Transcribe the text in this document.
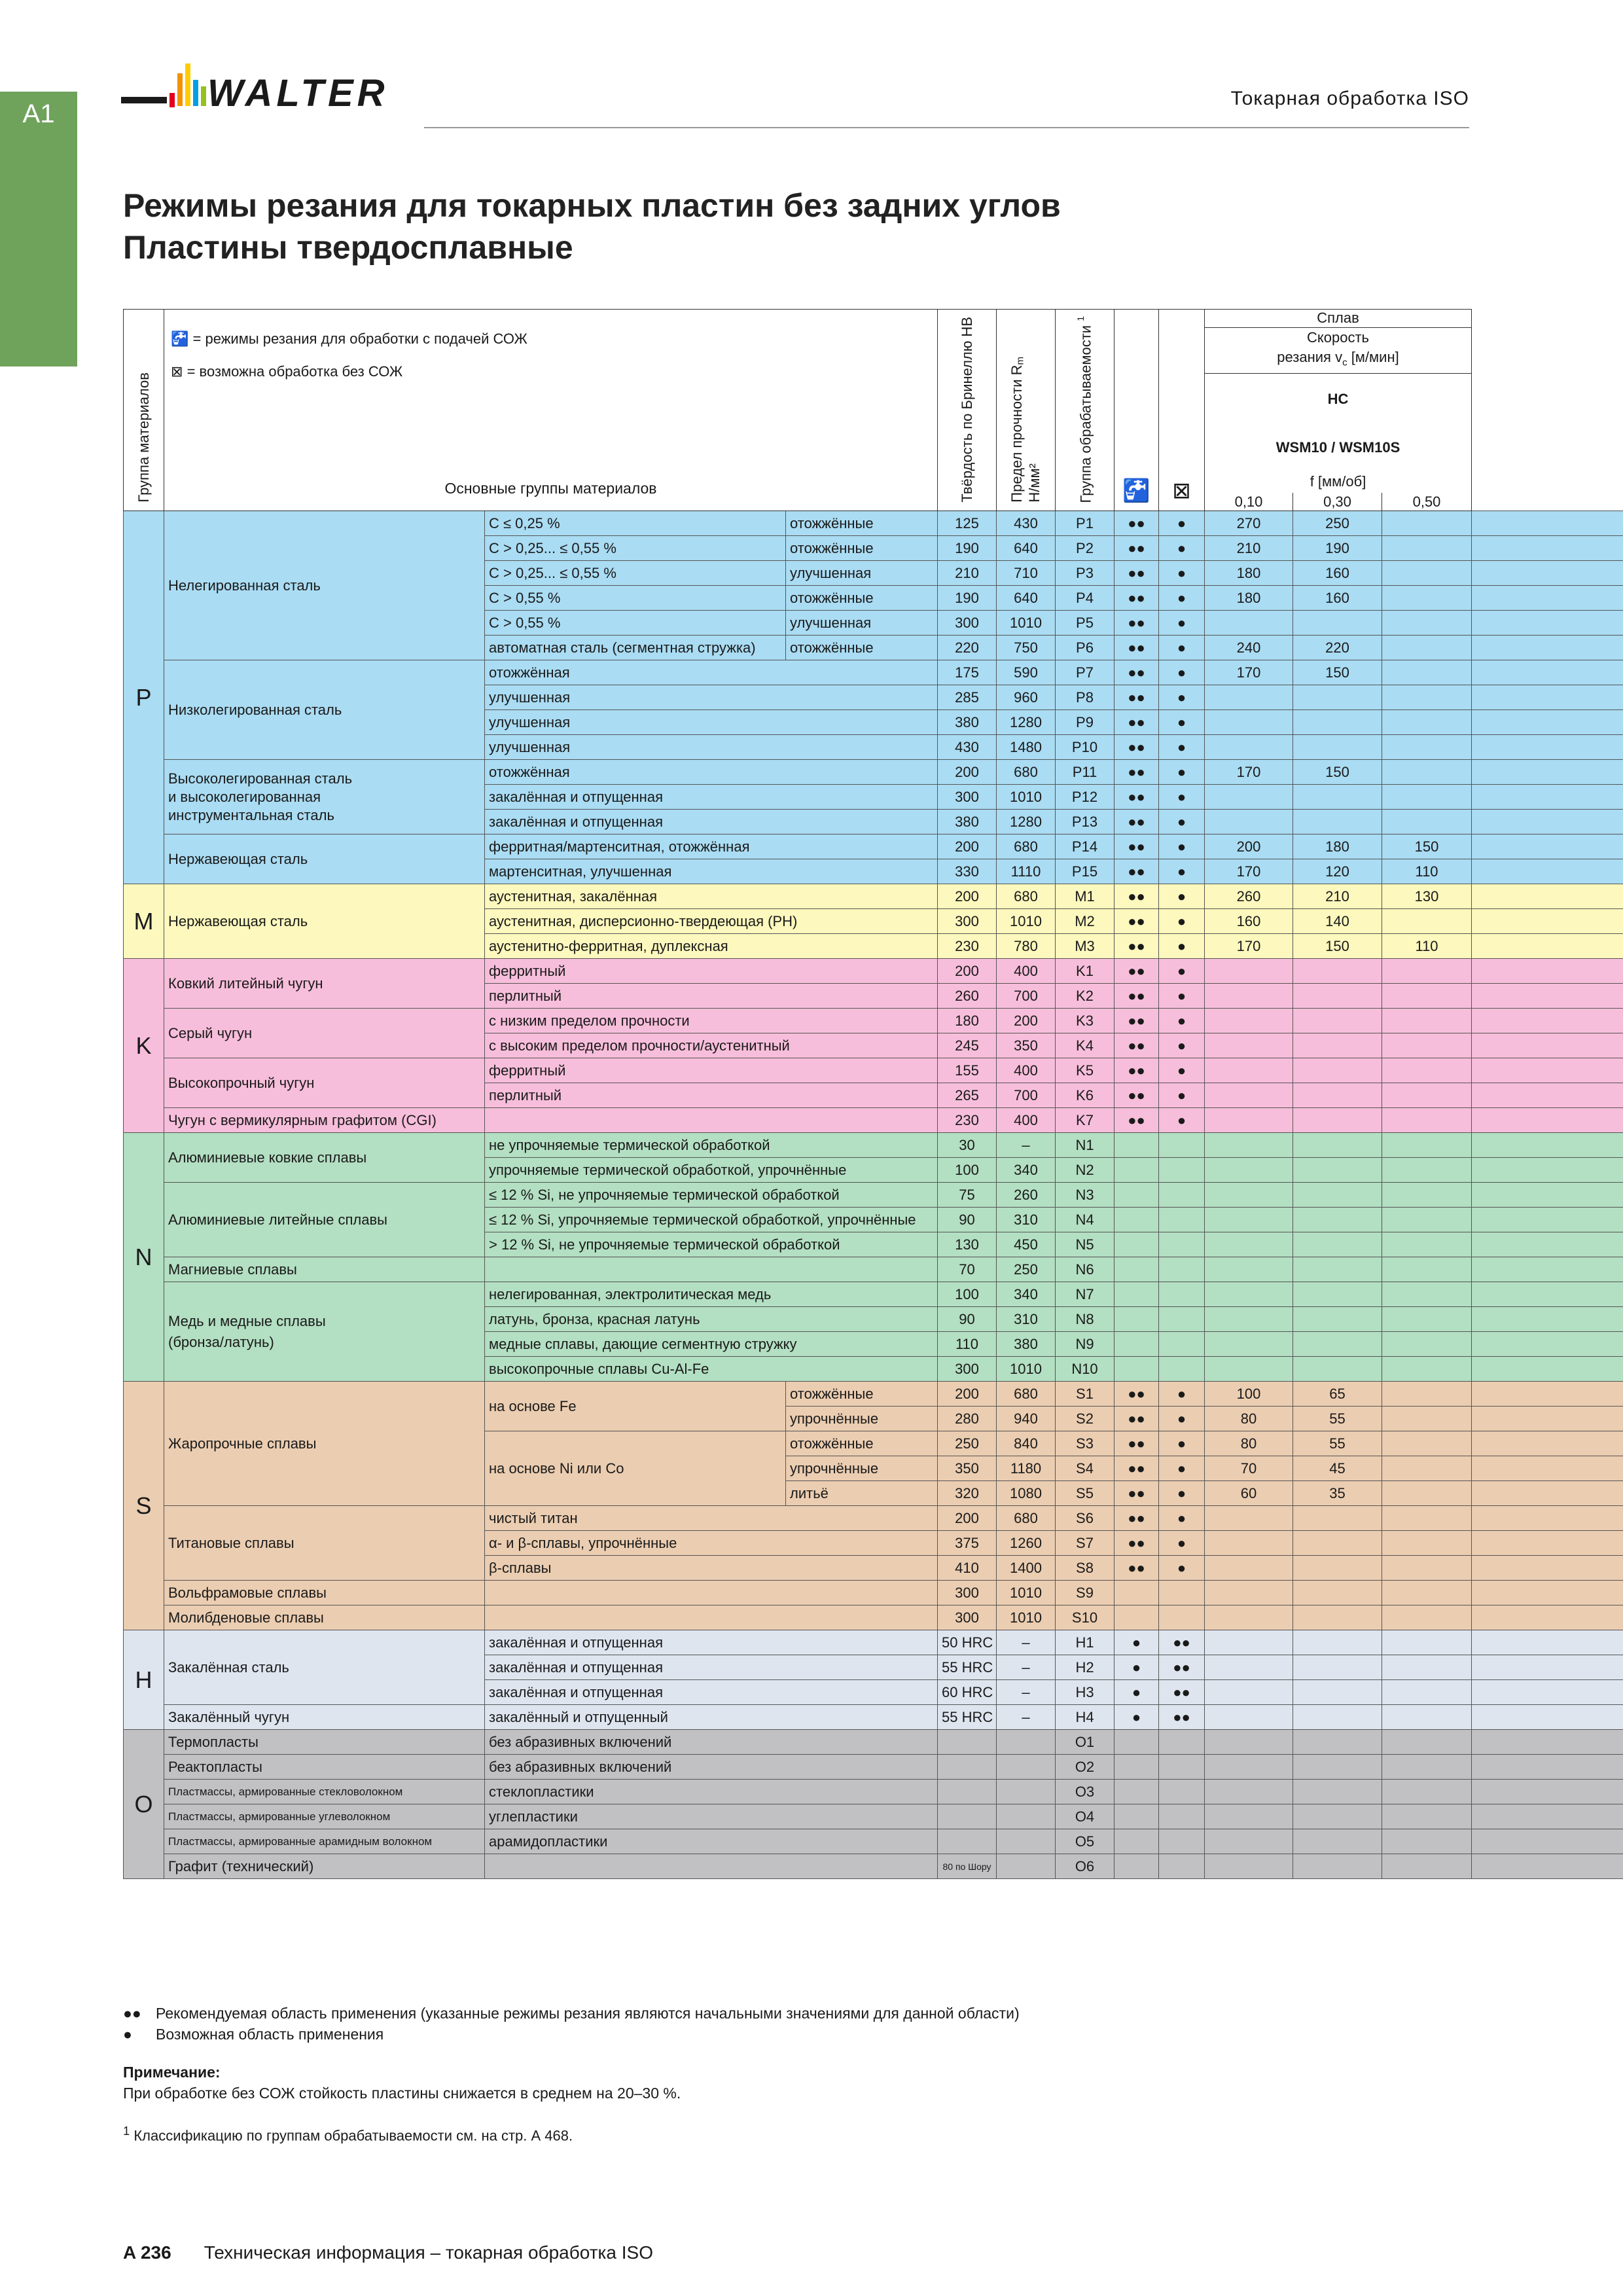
A1	WALTER	Токарная обработка ISO
Режимы резания для токарных пластин без задних углов
Пластины твердосплавные
Группа материалов	🚰 = режимы резания для обработки с подачей СОЖ
⊠ = возможна обработка без СОЖ
Основные группы материалов			Твёрдость по Бринеллю HB	Предел прочности $R_mН$/мм²	Группа обрабатываемости $^1$	🚰	⊠	Сплав			

									Скорость
резания $v_c$ [м/мин]			

									HC
WSM10 / WSM10S
f [мм/об]			

									0,10	0,30	0,50	
P	Нелегированная сталь	C ≤ 0,25 %	отожжённые	125	430	P1	●●	●	270	250		
		C > 0,25... ≤ 0,55 %	отожжённые	190	640	P2	●●	●	210	190		
		C > 0,25... ≤ 0,55 %	улучшенная	210	710	P3	●●	●	180	160		
		C > 0,55 %	отожжённые	190	640	P4	●●	●	180	160		
		C > 0,55 %	улучшенная	300	1010	P5	●●	●				
		автоматная сталь (сегментная стружка)	отожжённые	220	750	P6	●●	●	240	220		
	Низколегированная сталь	отожжённая		175	590	P7	●●	●	170	150		
		улучшенная		285	960	P8	●●	●				
		улучшенная		380	1280	P9	●●	●				
		улучшенная		430	1480	P10	●●	●				

	Высоколегированная сталь
и высоколегированная
инструментальная сталь	отожжённая		200	680	P11	●●	●	170	150		
		закалённая и отпущенная		300	1010	P12	●●	●				
		закалённая и отпущенная		380	1280	P13	●●	●				
	Нержавеющая сталь	ферритная/мартенситная, отожжённая		200	680	P14	●●	●	200	180	150	
		мартенситная, улучшенная		330	1110	P15	●●	●	170	120	110	
M	Нержавеющая сталь	аустенитная, закалённая		200	680	M1	●●	●	260	210	130	
		аустенитная, дисперсионно-твердеющая (PH)		300	1010	M2	●●	●	160	140		
		аустенитно-ферритная, дуплексная		230	780	M3	●●	●	170	150	110	
K	Ковкий литейный чугун	ферритный		200	400	K1	●●	●				
		перлитный		260	700	K2	●●	●				
	Серый чугун	с низким пределом прочности		180	200	K3	●●	●				
		с высоким пределом прочности/аустенитный		245	350	K4	●●	●				
	Высокопрочный чугун	ферритный		155	400	K5	●●	●				
		перлитный		265	700	K6	●●	●				
	Чугун с вермикулярным графитом (CGI)			230	400	K7	●●	●				
N	Алюминиевые ковкие сплавы	не упрочняемые термической обработкой		30	–	N1						
		упрочняемые термической обработкой, упрочнённые		100	340	N2						
	Алюминиевые литейные сплавы	≤ 12 % Si, не упрочняемые термической обработкой		75	260	N3						
		≤ 12 % Si, упрочняемые термической обработкой, упрочнённые		90	310	N4						
		> 12 % Si, не упрочняемые термической обработкой		130	450	N5						
	Магниевые сплавы			70	250	N6						

	Медь и медные сплавы
(бронза/латунь)	нелегированная, электролитическая медь		100	340	N7						
		латунь, бронза, красная латунь		90	310	N8						
		медные сплавы, дающие сегментную стружку		110	380	N9						
		высокопрочные сплавы Cu-Al-Fe		300	1010	N10						
S	Жаропрочные сплавы	на основе Fe	отожжённые	200	680	S1	●●	●	100	65		
			упрочнённые	280	940	S2	●●	●	80	55		
		на основе Ni или Co	отожжённые	250	840	S3	●●	●	80	55		
			упрочнённые	350	1180	S4	●●	●	70	45		
			литьё	320	1080	S5	●●	●	60	35		
	Титановые сплавы	чистый титан		200	680	S6	●●	●				
		α- и β-сплавы, упрочнённые		375	1260	S7	●●	●				
		β-сплавы		410	1400	S8	●●	●				
	Вольфрамовые сплавы			300	1010	S9						
	Молибденовые сплавы			300	1010	S10						
H	Закалённая сталь	закалённая и отпущенная		50 HRC	–	H1	●	●●				
		закалённая и отпущенная		55 HRC	–	H2	●	●●				
		закалённая и отпущенная		60 HRC	–	H3	●	●●				
	Закалённый чугун	закалённый и отпущенный		55 HRC	–	H4	●	●●				
O	Термопласты	без абразивных включений				O1						
	Реактопласты	без абразивных включений				O2						
	Пластмассы, армированные стекловолокном	стеклопластики				O3						
	Пластмассы, армированные углеволокном	углепластики				O4						
	Пластмассы, армированные арамидным волокном	арамидопластики				O5						
	Графит (технический)			80 по Шору		O6						
●● Рекомендуемая область применения (указанные режимы резания являются начальными значениями для данной области)
● Возможная область применения
Примечание:
При обработке без СОЖ стойкость пластины снижается в среднем на 20–30 %.
$^1$ Классификацию по группам обрабатываемости см. на стр. А 468.
A 236 Техническая информация – токарная обработка ISO
